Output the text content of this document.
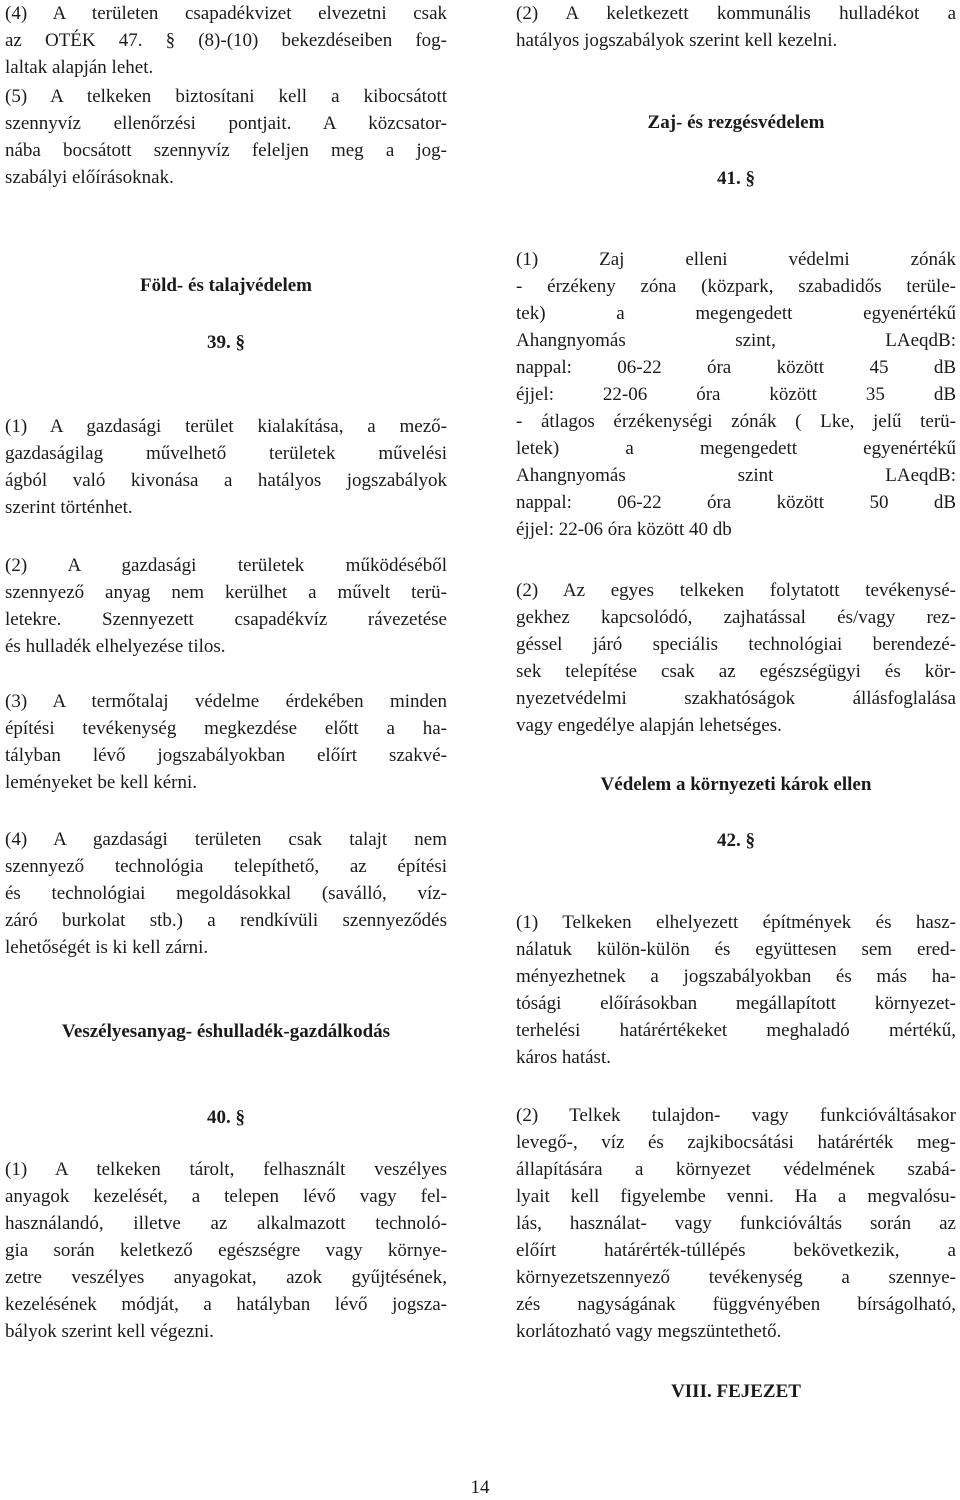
(4) A területen csapadékvizet elvezetni csak
az OTÉK 47. § (8)-(10) bekezdéseiben fog-
laltak alapján lehet.

(5) A telkeken biztosítani kell a kibocsátott
szennyvíz ellenőrzési pontjait. A közcsator-
nába bocsátott szennyvíz feleljen meg a jog-
szabályi előírásoknak.

Föld- és talajvédelem
39. §

(1) A gazdasági terület kialakítása, a mező-
gazdaságilag művelhető területek művelési
ágból való kivonása a hatályos jogszabályok
szerint történhet.

(2) A gazdasági területek működéséből
szennyező anyag nem kerülhet a művelt terü-
letekre. Szennyezett csapadékvíz rávezetése
és hulladék elhelyezése tilos.

(3) A termőtalaj védelme érdekében minden
építési tevékenység megkezdése előtt a ha-
tályban lévő jogszabályokban előírt szakvé-
leményeket be kell kérni.

(4) A gazdasági területen csak talajt nem
szennyező technológia telepíthető, az építési
és technológiai megoldásokkal (saválló, víz-
záró burkolat stb.) a rendkívüli szennyeződés
lehetőségét is ki kell zárni.

Veszélyesanyag- éshulladék-gazdálkodás
40. §

(1) A telkeken tárolt, felhasznált veszélyes
anyagok kezelését, a telepen lévő vagy fel-
használandó, illetve az alkalmazott technoló-
gia során keletkező egészségre vagy környe-
zetre veszélyes anyagokat, azok gyűjtésének,
kezelésének módját, a hatályban lévő jogsza-
bályok szerint kell végezni.

(2) A keletkezett kommunális hulladékot a
hatályos jogszabályok szerint kell kezelni.

Zaj- és rezgésvédelem
41. §

(1) Zaj elleni védelmi zónák
- érzékeny zóna (közpark, szabadidős terüle-
tek) a megengedett egyenértékű
Ahangnyomás szint, LAeqdB:
nappal: 06-22 óra között 45 dB
éjjel: 22-06 óra között 35 dB
- átlagos érzékenységi zónák ( Lke, jelű terü-
letek) a megengedett egyenértékű
Ahangnyomás szint LAeqdB:
nappal: 06-22 óra között 50 dB
éjjel: 22-06 óra között 40 db

(2) Az egyes telkeken folytatott tevékenysé-
gekhez kapcsolódó, zajhatással és/vagy rez-
géssel járó speciális technológiai berendezé-
sek telepítése csak az egészségügyi és kör-
nyezetvédelmi szakhatóságok állásfoglalása
vagy engedélye alapján lehetséges.

Védelem a környezeti károk ellen
42. §

(1) Telkeken elhelyezett építmények és hasz-
nálatuk külön-külön és együttesen sem ered-
ményezhetnek a jogszabályokban és más ha-
tósági előírásokban megállapított környezet-
terhelési határértékeket meghaladó mértékű,
káros hatást.

(2) Telkek tulajdon- vagy funkcióváltásakor
levegő-, víz és zajkibocsátási határérték meg-
állapítására a környezet védelmének szabá-
lyait kell figyelembe venni. Ha a megvalósu-
lás, használat- vagy funkcióváltás során az
előírt határérték-túllépés bekövetkezik, a
környezetszennyező tevékenység a szennye-
zés nagyságának függvényében bírságolható,
korlátozható vagy megszüntethető.

VIII. FEJEZET
14
